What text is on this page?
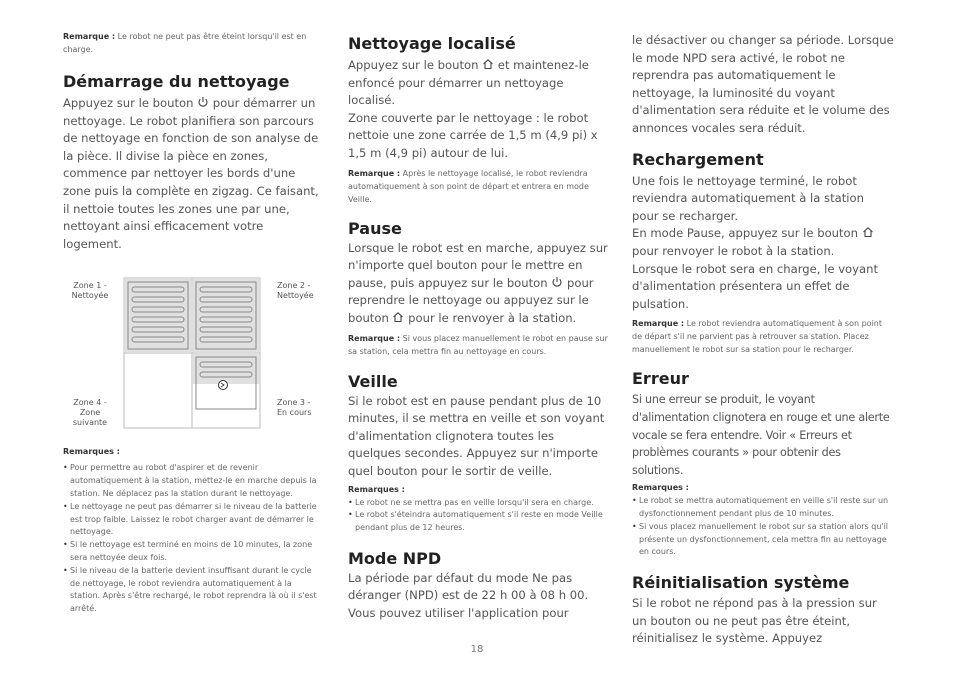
Remarque : Le robot ne peut pas être éteint lorsqu'il est en charge.

Démarrage du nettoyage

Appuyez sur le bouton
pour démarrer un nettoyage. Le robot planifiera son parcours de nettoyage en fonction de son analyse de la pièce. Il divise la pièce en zones, commence par nettoyer les bords d'une zone puis la complète en zigzag. Ce faisant, il nettoie toutes les zones une par une, nettoyant ainsi efficacement votre logement.

Zone 1 -
Nettoyée
Zone 2 -
Nettoyée
Zone 4 -
Zone
suivante
Zone 3 -
En cours

Remarques :

• Pour permettre au robot d'aspirer et de revenir automatiquement à la station, mettez-le en marche depuis la station. Ne déplacez pas la station durant le nettoyage.
• Le nettoyage ne peut pas démarrer si le niveau de la batterie est trop faible. Laissez le robot charger avant de démarrer le nettoyage.
• Si le nettoyage est terminé en moins de 10 minutes, la zone sera nettoyée deux fois.
• Si le niveau de la batterie devient insuffisant durant le cycle de nettoyage, le robot reviendra automatiquement à la station. Après s'être rechargé, le robot reprendra là où il s'est arrêté.
Nettoyage localisé

Appuyez sur le bouton
et maintenez-le enfoncé pour démarrer un nettoyage localisé.

Zone couverte par le nettoyage : le robot nettoie une zone carrée de 1,5 m (4,9 pi) x 1,5 m (4,9 pi) autour de lui.

Remarque : Après le nettoyage localisé, le robot reviendra automatiquement à son point de départ et entrera en mode Veille.

Pause

Lorsque le robot est en marche, appuyez sur n'importe quel bouton pour le mettre en pause, puis appuyez sur le bouton
pour reprendre le nettoyage ou appuyez sur le bouton
pour le renvoyer à la station.

Remarque : Si vous placez manuellement le robot en pause sur sa station, cela mettra fin au nettoyage en cours.

Veille

Si le robot est en pause pendant plus de 10 minutes, il se mettra en veille et son voyant d'alimentation clignotera toutes les quelques secondes. Appuyez sur n'importe quel bouton pour le sortir de veille.

Remarques :

• Le robot ne se mettra pas en veille lorsqu'il sera en charge.
• Le robot s'éteindra automatiquement s'il reste en mode Veille pendant plus de 12 heures.
Mode NPD

La période par défaut du mode Ne pas déranger (NPD) est de 22 h 00 à 08 h 00. Vous pouvez utiliser l'application pour

le désactiver ou changer sa période. Lorsque le mode NPD sera activé, le robot ne reprendra pas automatiquement le nettoyage, la luminosité du voyant d'alimentation sera réduite et le volume des annonces vocales sera réduit.

Rechargement

Une fois le nettoyage terminé, le robot reviendra automatiquement à la station pour se recharger.

En mode Pause, appuyez sur le bouton
pour renvoyer le robot à la station.

Lorsque le robot sera en charge, le voyant d'alimentation présentera un effet de pulsation.

Remarque : Le robot reviendra automatiquement à son point de départ s'il ne parvient pas à retrouver sa station. Placez manuellement le robot sur sa station pour le recharger.

Erreur

Si une erreur se produit, le voyant d'alimentation clignotera en rouge et une alerte vocale se fera entendre. Voir « Erreurs et problèmes courants » pour obtenir des solutions.

Remarques :

• Le robot se mettra automatiquement en veille s'il reste sur un dysfonctionnement pendant plus de 10 minutes.
• Si vous placez manuellement le robot sur sa station alors qu'il présente un dysfonctionnement, cela mettra fin au nettoyage en cours.
Réinitialisation système

Si le robot ne répond pas à la pression sur un bouton ou ne peut pas être éteint, réinitialisez le système. Appuyez

18
